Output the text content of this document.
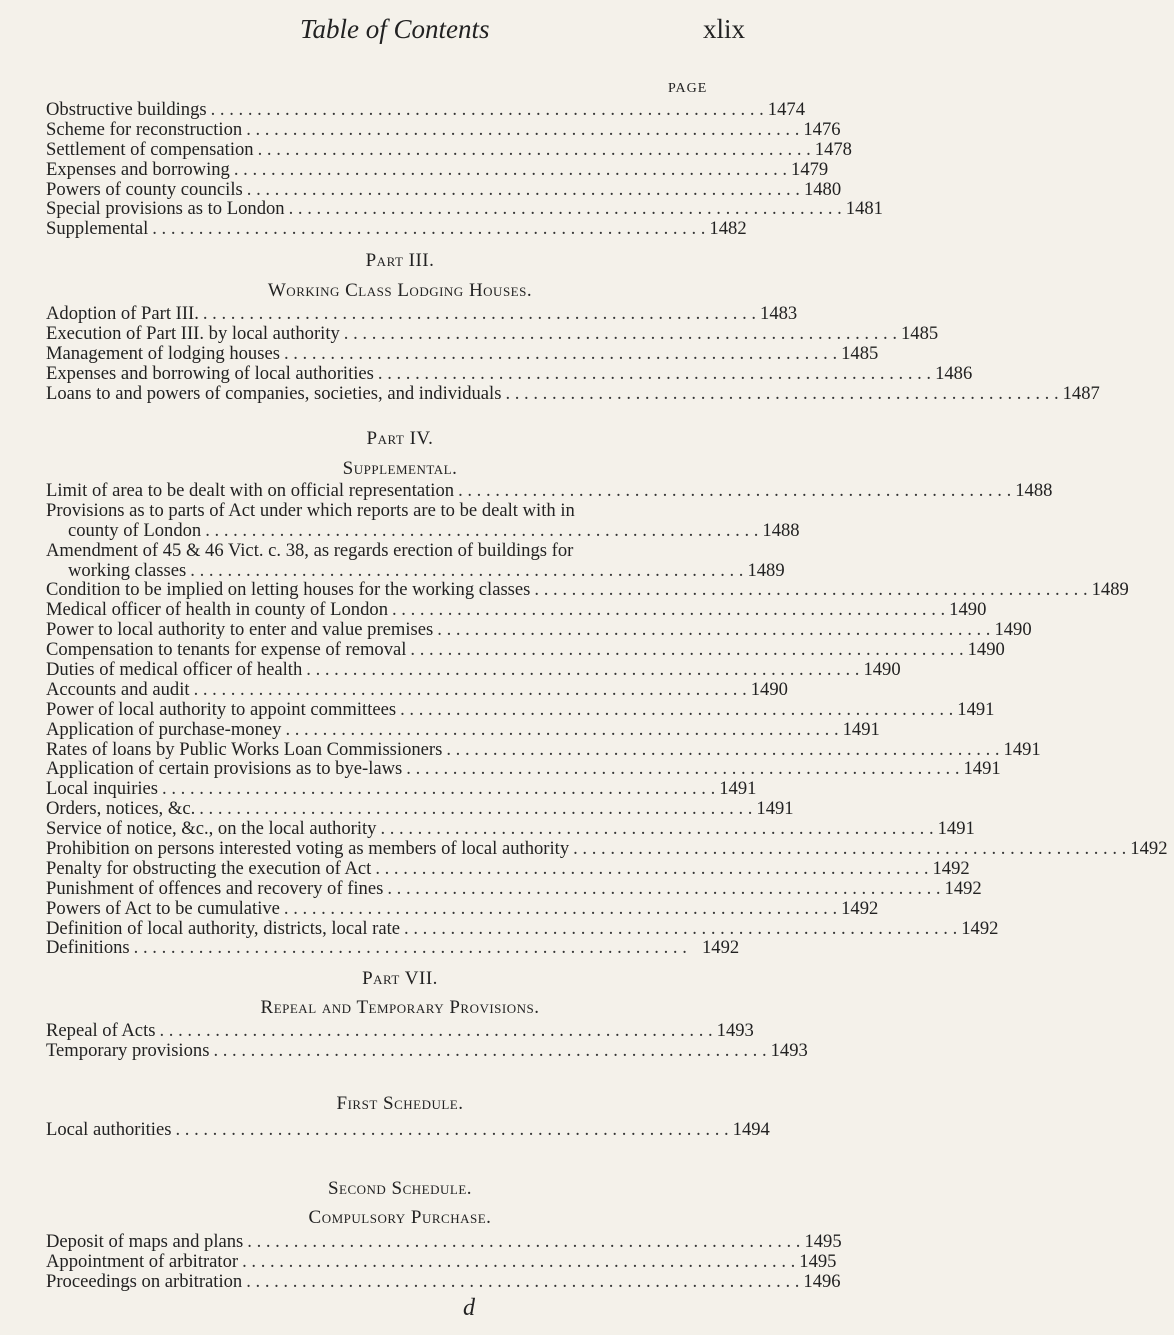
Table of Contents	xlix
PAGE
Obstructive buildings . . . . . . . . . . . . . . . . . . . . . . . . . . . . . . . . . . . . . . . . . . . . . . . . . . . . . . . . . . . . 1474
Scheme for reconstruction . . . . . . . . . . . . . . . . . . . . . . . . . . . . . . . . . . . . . . . . . . . . . . . . . . . . . . . . . . . . 1476
Settlement of compensation . . . . . . . . . . . . . . . . . . . . . . . . . . . . . . . . . . . . . . . . . . . . . . . . . . . . . . . . . . . . 1478
Expenses and borrowing . . . . . . . . . . . . . . . . . . . . . . . . . . . . . . . . . . . . . . . . . . . . . . . . . . . . . . . . . . . . 1479
Powers of county councils . . . . . . . . . . . . . . . . . . . . . . . . . . . . . . . . . . . . . . . . . . . . . . . . . . . . . . . . . . . . 1480
Special provisions as to London . . . . . . . . . . . . . . . . . . . . . . . . . . . . . . . . . . . . . . . . . . . . . . . . . . . . . . . . . . . . 1481
Supplemental . . . . . . . . . . . . . . . . . . . . . . . . . . . . . . . . . . . . . . . . . . . . . . . . . . . . . . . . . . . . 1482
Part III.
Working Class Lodging Houses.
Adoption of Part III. . . . . . . . . . . . . . . . . . . . . . . . . . . . . . . . . . . . . . . . . . . . . . . . . . . . . . . . . . . . . 1483
Execution of Part III. by local authority . . . . . . . . . . . . . . . . . . . . . . . . . . . . . . . . . . . . . . . . . . . . . . . . . . . . . . . . . . . . 1485
Management of lodging houses . . . . . . . . . . . . . . . . . . . . . . . . . . . . . . . . . . . . . . . . . . . . . . . . . . . . . . . . . . . . 1485
Expenses and borrowing of local authorities . . . . . . . . . . . . . . . . . . . . . . . . . . . . . . . . . . . . . . . . . . . . . . . . . . . . . . . . . . . . 1486
Loans to and powers of companies, societies, and individuals . . . . . . . . . . . . . . . . . . . . . . . . . . . . . . . . . . . . . . . . . . . . . . . . . . . . . . . . . . . . 1487
Part IV.
Supplemental.
Limit of area to be dealt with on official representation . . . . . . . . . . . . . . . . . . . . . . . . . . . . . . . . . . . . . . . . . . . . . . . . . . . . . . . . . . . . 1488
Provisions as to parts of Act under which reports are to be dealt with in
county of London . . . . . . . . . . . . . . . . . . . . . . . . . . . . . . . . . . . . . . . . . . . . . . . . . . . . . . . . . . . . 1488
Amendment of 45 & 46 Vict. c. 38, as regards erection of buildings for
working classes . . . . . . . . . . . . . . . . . . . . . . . . . . . . . . . . . . . . . . . . . . . . . . . . . . . . . . . . . . . . 1489
Condition to be implied on letting houses for the working classes . . . . . . . . . . . . . . . . . . . . . . . . . . . . . . . . . . . . . . . . . . . . . . . . . . . . . . . . . . . . 1489
Medical officer of health in county of London . . . . . . . . . . . . . . . . . . . . . . . . . . . . . . . . . . . . . . . . . . . . . . . . . . . . . . . . . . . . 1490
Power to local authority to enter and value premises . . . . . . . . . . . . . . . . . . . . . . . . . . . . . . . . . . . . . . . . . . . . . . . . . . . . . . . . . . . . 1490
Compensation to tenants for expense of removal . . . . . . . . . . . . . . . . . . . . . . . . . . . . . . . . . . . . . . . . . . . . . . . . . . . . . . . . . . . . 1490
Duties of medical officer of health . . . . . . . . . . . . . . . . . . . . . . . . . . . . . . . . . . . . . . . . . . . . . . . . . . . . . . . . . . . . 1490
Accounts and audit . . . . . . . . . . . . . . . . . . . . . . . . . . . . . . . . . . . . . . . . . . . . . . . . . . . . . . . . . . . . 1490
Power of local authority to appoint committees . . . . . . . . . . . . . . . . . . . . . . . . . . . . . . . . . . . . . . . . . . . . . . . . . . . . . . . . . . . . 1491
Application of purchase-money . . . . . . . . . . . . . . . . . . . . . . . . . . . . . . . . . . . . . . . . . . . . . . . . . . . . . . . . . . . . 1491
Rates of loans by Public Works Loan Commissioners . . . . . . . . . . . . . . . . . . . . . . . . . . . . . . . . . . . . . . . . . . . . . . . . . . . . . . . . . . . . 1491
Application of certain provisions as to bye-laws . . . . . . . . . . . . . . . . . . . . . . . . . . . . . . . . . . . . . . . . . . . . . . . . . . . . . . . . . . . . 1491
Local inquiries . . . . . . . . . . . . . . . . . . . . . . . . . . . . . . . . . . . . . . . . . . . . . . . . . . . . . . . . . . . . 1491
Orders, notices, &c. . . . . . . . . . . . . . . . . . . . . . . . . . . . . . . . . . . . . . . . . . . . . . . . . . . . . . . . . . . . . 1491
Service of notice, &c., on the local authority . . . . . . . . . . . . . . . . . . . . . . . . . . . . . . . . . . . . . . . . . . . . . . . . . . . . . . . . . . . . 1491
Prohibition on persons interested voting as members of local authority . . . . . . . . . . . . . . . . . . . . . . . . . . . . . . . . . . . . . . . . . . . . . . . . . . . . . . . . . . . . 1492
Penalty for obstructing the execution of Act . . . . . . . . . . . . . . . . . . . . . . . . . . . . . . . . . . . . . . . . . . . . . . . . . . . . . . . . . . . . 1492
Punishment of offences and recovery of fines . . . . . . . . . . . . . . . . . . . . . . . . . . . . . . . . . . . . . . . . . . . . . . . . . . . . . . . . . . . . 1492
Powers of Act to be cumulative . . . . . . . . . . . . . . . . . . . . . . . . . . . . . . . . . . . . . . . . . . . . . . . . . . . . . . . . . . . . 1492
Definition of local authority, districts, local rate . . . . . . . . . . . . . . . . . . . . . . . . . . . . . . . . . . . . . . . . . . . . . . . . . . . . . . . . . . . . 1492
Definitions . . . . . . . . . . . . . . . . . . . . . . . . . . . . . . . . . . . . . . . . . . . . . . . . . . . . . . . . . . . . 1492
Part VII.
Repeal and Temporary Provisions.
Repeal of Acts . . . . . . . . . . . . . . . . . . . . . . . . . . . . . . . . . . . . . . . . . . . . . . . . . . . . . . . . . . . . 1493
Temporary provisions . . . . . . . . . . . . . . . . . . . . . . . . . . . . . . . . . . . . . . . . . . . . . . . . . . . . . . . . . . . . 1493
First Schedule.
Local authorities . . . . . . . . . . . . . . . . . . . . . . . . . . . . . . . . . . . . . . . . . . . . . . . . . . . . . . . . . . . . 1494
Second Schedule.
Compulsory Purchase.
Deposit of maps and plans . . . . . . . . . . . . . . . . . . . . . . . . . . . . . . . . . . . . . . . . . . . . . . . . . . . . . . . . . . . . 1495
Appointment of arbitrator . . . . . . . . . . . . . . . . . . . . . . . . . . . . . . . . . . . . . . . . . . . . . . . . . . . . . . . . . . . . 1495
Proceedings on arbitration . . . . . . . . . . . . . . . . . . . . . . . . . . . . . . . . . . . . . . . . . . . . . . . . . . . . . . . . . . . . 1496
d
